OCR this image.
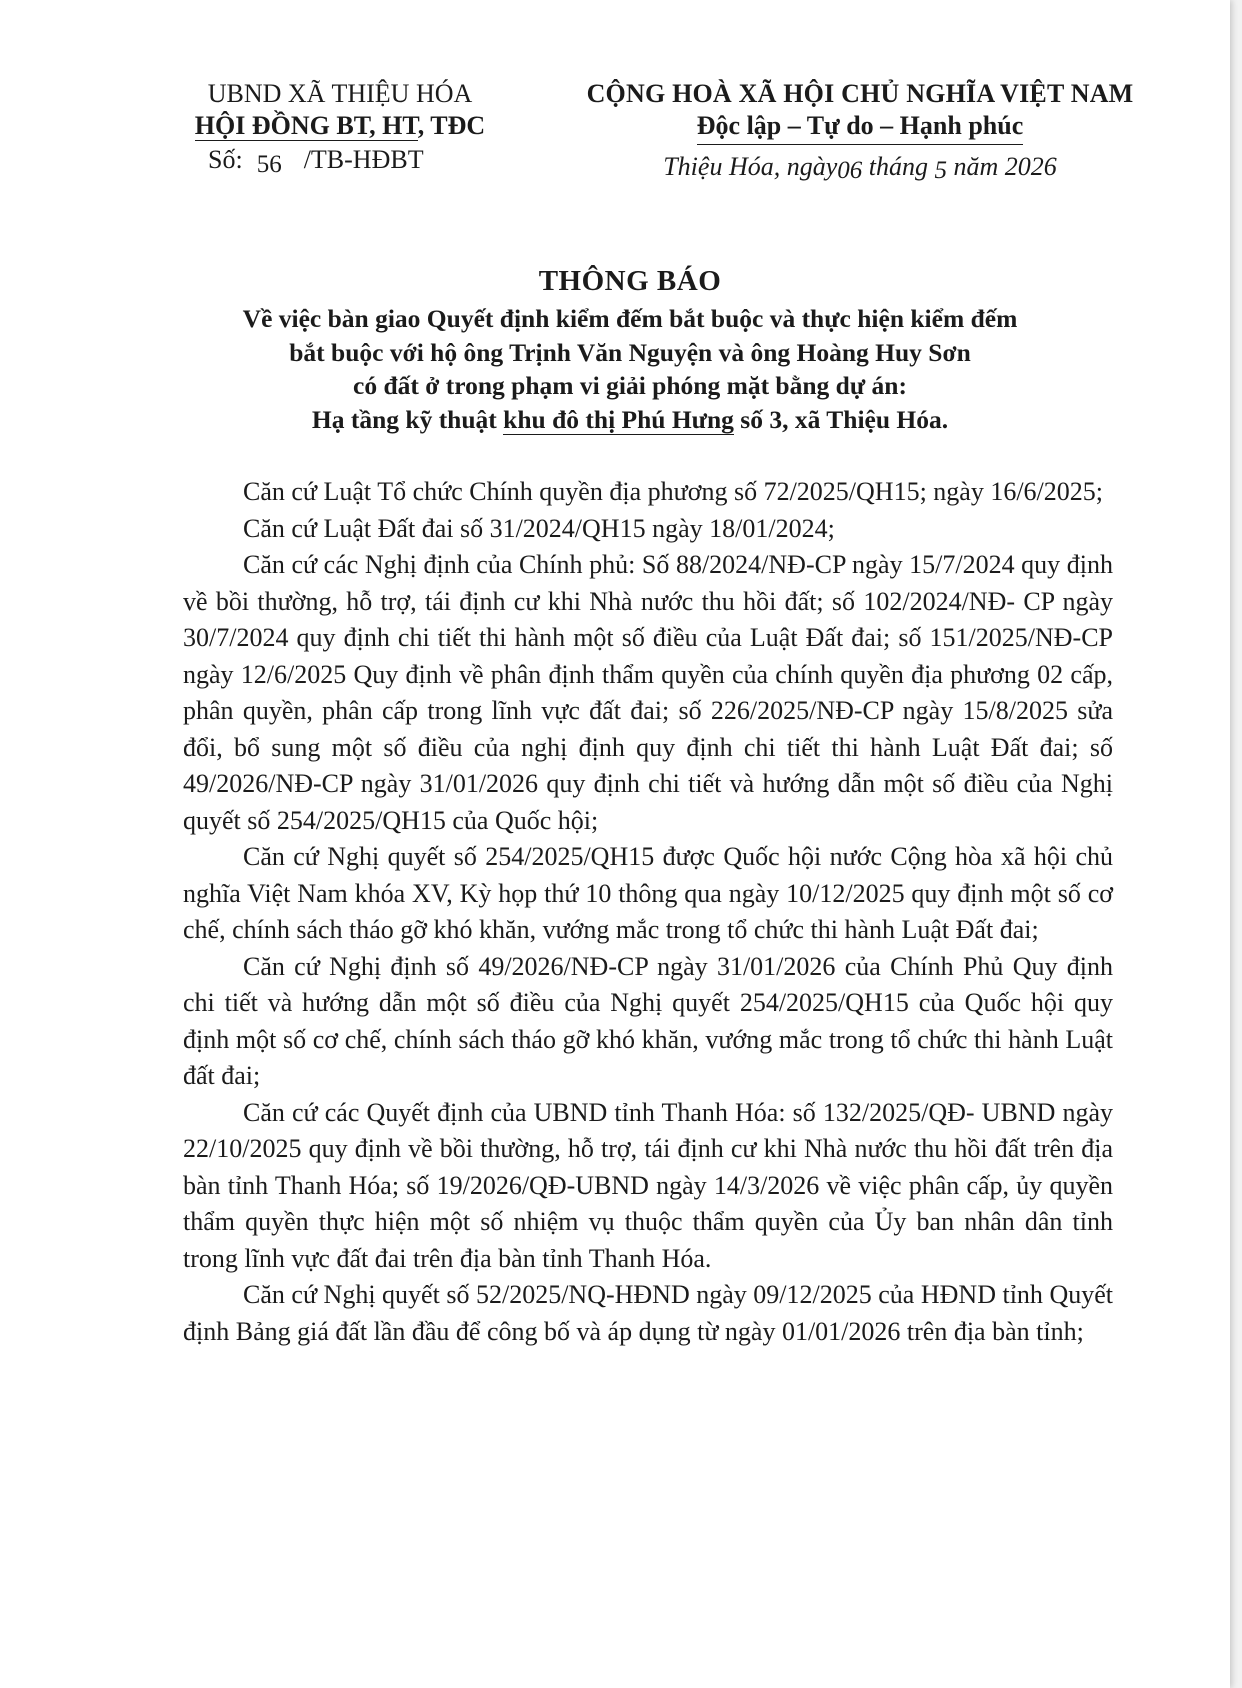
UBND XÃ THIỆU HÓA
HỘI ĐỒNG BT, HT, TĐC
Số: 56 /TB-HĐBT
CỘNG HOÀ XÃ HỘI CHỦ NGHĨA VIỆT NAM
Độc lập – Tự do – Hạnh phúc
Thiệu Hóa, ngày06 tháng 5 năm 2026
THÔNG BÁO
Về việc bàn giao Quyết định kiểm đếm bắt buộc và thực hiện kiểm đếm
bắt buộc với hộ ông Trịnh Văn Nguyện và ông Hoàng Huy Sơn
có đất ở trong phạm vi giải phóng mặt bằng dự án:
Hạ tầng kỹ thuật khu đô thị Phú Hưng số 3, xã Thiệu Hóa.

Căn cứ Luật Tổ chức Chính quyền địa phương số 72/2025/QH15; ngày 16/6/2025;

Căn cứ Luật Đất đai số 31/2024/QH15 ngày 18/01/2024;

Căn cứ các Nghị định của Chính phủ: Số 88/2024/NĐ-CP ngày 15/7/2024 quy định về bồi thường, hỗ trợ, tái định cư khi Nhà nước thu hồi đất; số 102/2024/NĐ- CP ngày 30/7/2024 quy định chi tiết thi hành một số điều của Luật Đất đai; số 151/2025/NĐ-CP ngày 12/6/2025 Quy định về phân định thẩm quyền của chính quyền địa phương 02 cấp, phân quyền, phân cấp trong lĩnh vực đất đai; số 226/2025/NĐ-CP ngày 15/8/2025 sửa đổi, bổ sung một số điều của nghị định quy định chi tiết thi hành Luật Đất đai; số 49/2026/NĐ-CP ngày 31/01/2026 quy định chi tiết và hướng dẫn một số điều của Nghị quyết số 254/2025/QH15 của Quốc hội;

Căn cứ Nghị quyết số 254/2025/QH15 được Quốc hội nước Cộng hòa xã hội chủ nghĩa Việt Nam khóa XV, Kỳ họp thứ 10 thông qua ngày 10/12/2025 quy định một số cơ chế, chính sách tháo gỡ khó khăn, vướng mắc trong tổ chức thi hành Luật Đất đai;

Căn cứ Nghị định số 49/2026/NĐ-CP ngày 31/01/2026 của Chính Phủ Quy định chi tiết và hướng dẫn một số điều của Nghị quyết 254/2025/QH15 của Quốc hội quy định một số cơ chế, chính sách tháo gỡ khó khăn, vướng mắc trong tổ chức thi hành Luật đất đai;

Căn cứ các Quyết định của UBND tỉnh Thanh Hóa: số 132/2025/QĐ- UBND ngày 22/10/2025 quy định về bồi thường, hỗ trợ, tái định cư khi Nhà nước thu hồi đất trên địa bàn tỉnh Thanh Hóa; số 19/2026/QĐ-UBND ngày 14/3/2026 về việc phân cấp, ủy quyền thẩm quyền thực hiện một số nhiệm vụ thuộc thẩm quyền của Ủy ban nhân dân tỉnh trong lĩnh vực đất đai trên địa bàn tỉnh Thanh Hóa.

Căn cứ Nghị quyết số 52/2025/NQ-HĐND ngày 09/12/2025 của HĐND tỉnh Quyết định Bảng giá đất lần đầu để công bố và áp dụng từ ngày 01/01/2026 trên địa bàn tỉnh;
